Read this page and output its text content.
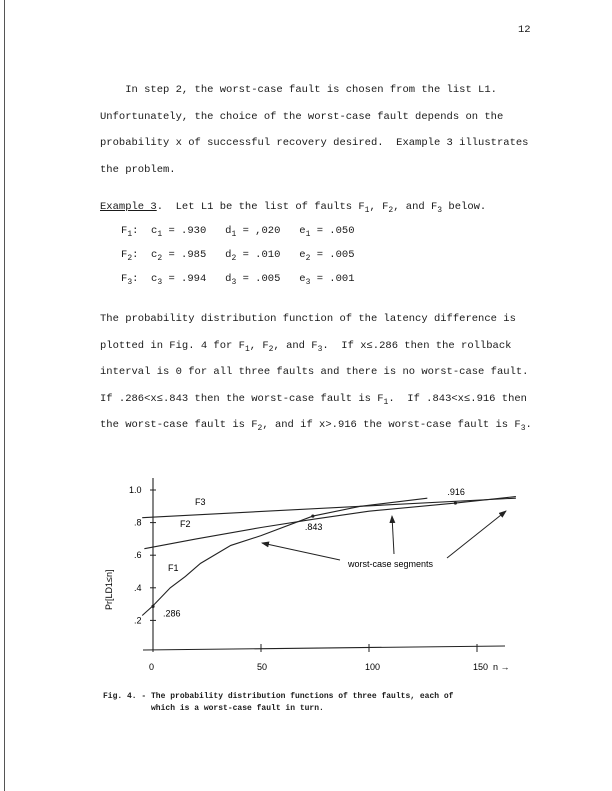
12
In step 2, the worst-case fault is chosen from the list L1.
Unfortunately, the choice of the worst-case fault depends on the
probability x of successful recovery desired.  Example 3 illustrates
the problem.
Example 3.  Let L1 be the list of faults $F_1$, $F_2$, and $F_3$ below.
$F_1$:  $c_1 = .930$   $d_1 = ,020$   $e_1 = .050$
$F_2$:  $c_2 = .985$   $d_2 = .010$   $e_2 = .005$
$F_3$:  $c_3 = .994$   $d_3 = .005$   $e_3 = .001$
The probability distribution function of the latency difference is
plotted in Fig. 4 for $F_1$, $F_2$, and $F_3$.  If x≤.286 then the rollback
interval is 0 for all three faults and there is no worst-case fault.
If .286<x≤.843 then the worst-case fault is $F_1$.  If .843<x≤.916 then
the worst-case fault is $F_2$, and if x>.916 the worst-case fault is $F_3$.
0	50	100	150 n →
1.0
.8
.6
.4
.2
Pr[LD1≤n]
F3
F2
F1
.286
.843
.916
worst-case segments
Fig. 4. - The probability distribution functions of three faults, each of
which is a worst-case fault in turn.
